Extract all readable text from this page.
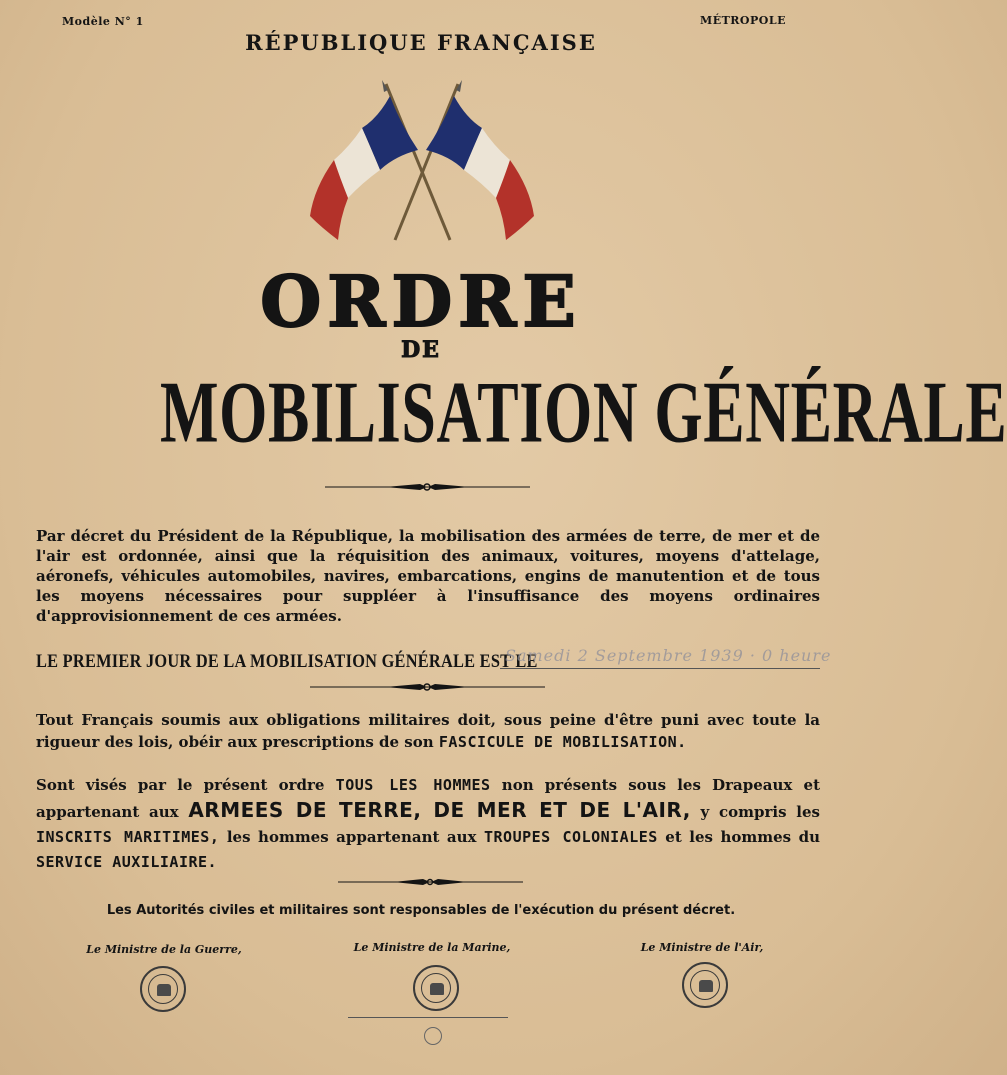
Modèle N° 1	MÉTROPOLE
RÉPUBLIQUE FRANÇAISE
ORDRE
DE
MOBILISATION GÉNÉRALE
Par décret du Président de la République, la mobilisation des armées de terre, de mer et de l'air est ordonnée, ainsi que la réquisition des animaux, voitures, moyens d'attelage, aéronefs, véhicules automobiles, navires, embarcations, engins de manutention et de tous les moyens nécessaires pour suppléer à l'insuffisance des moyens ordinaires d'approvisionnement de ces armées.
LE PREMIER JOUR DE LA MOBILISATION GÉNÉRALE EST LE
Samedi 2 Septembre 1939 · 0 heure
Tout Français soumis aux obligations militaires doit, sous peine d'être puni avec toute la rigueur des lois, obéir aux prescriptions de son FASCICULE DE MOBILISATION.
Sont visés par le présent ordre TOUS LES HOMMES non présents sous les Drapeaux et appartenant aux ARMEES DE TERRE, DE MER ET DE L'AIR, y compris les INSCRITS MARITIMES, les hommes appartenant aux TROUPES COLONIALES et les hommes du SERVICE AUXILIAIRE.
Les Autorités civiles et militaires sont responsables de l'exécution du présent décret.
Le Ministre de la Guerre,	Le Ministre de la Marine,	Le Ministre de l'Air,
